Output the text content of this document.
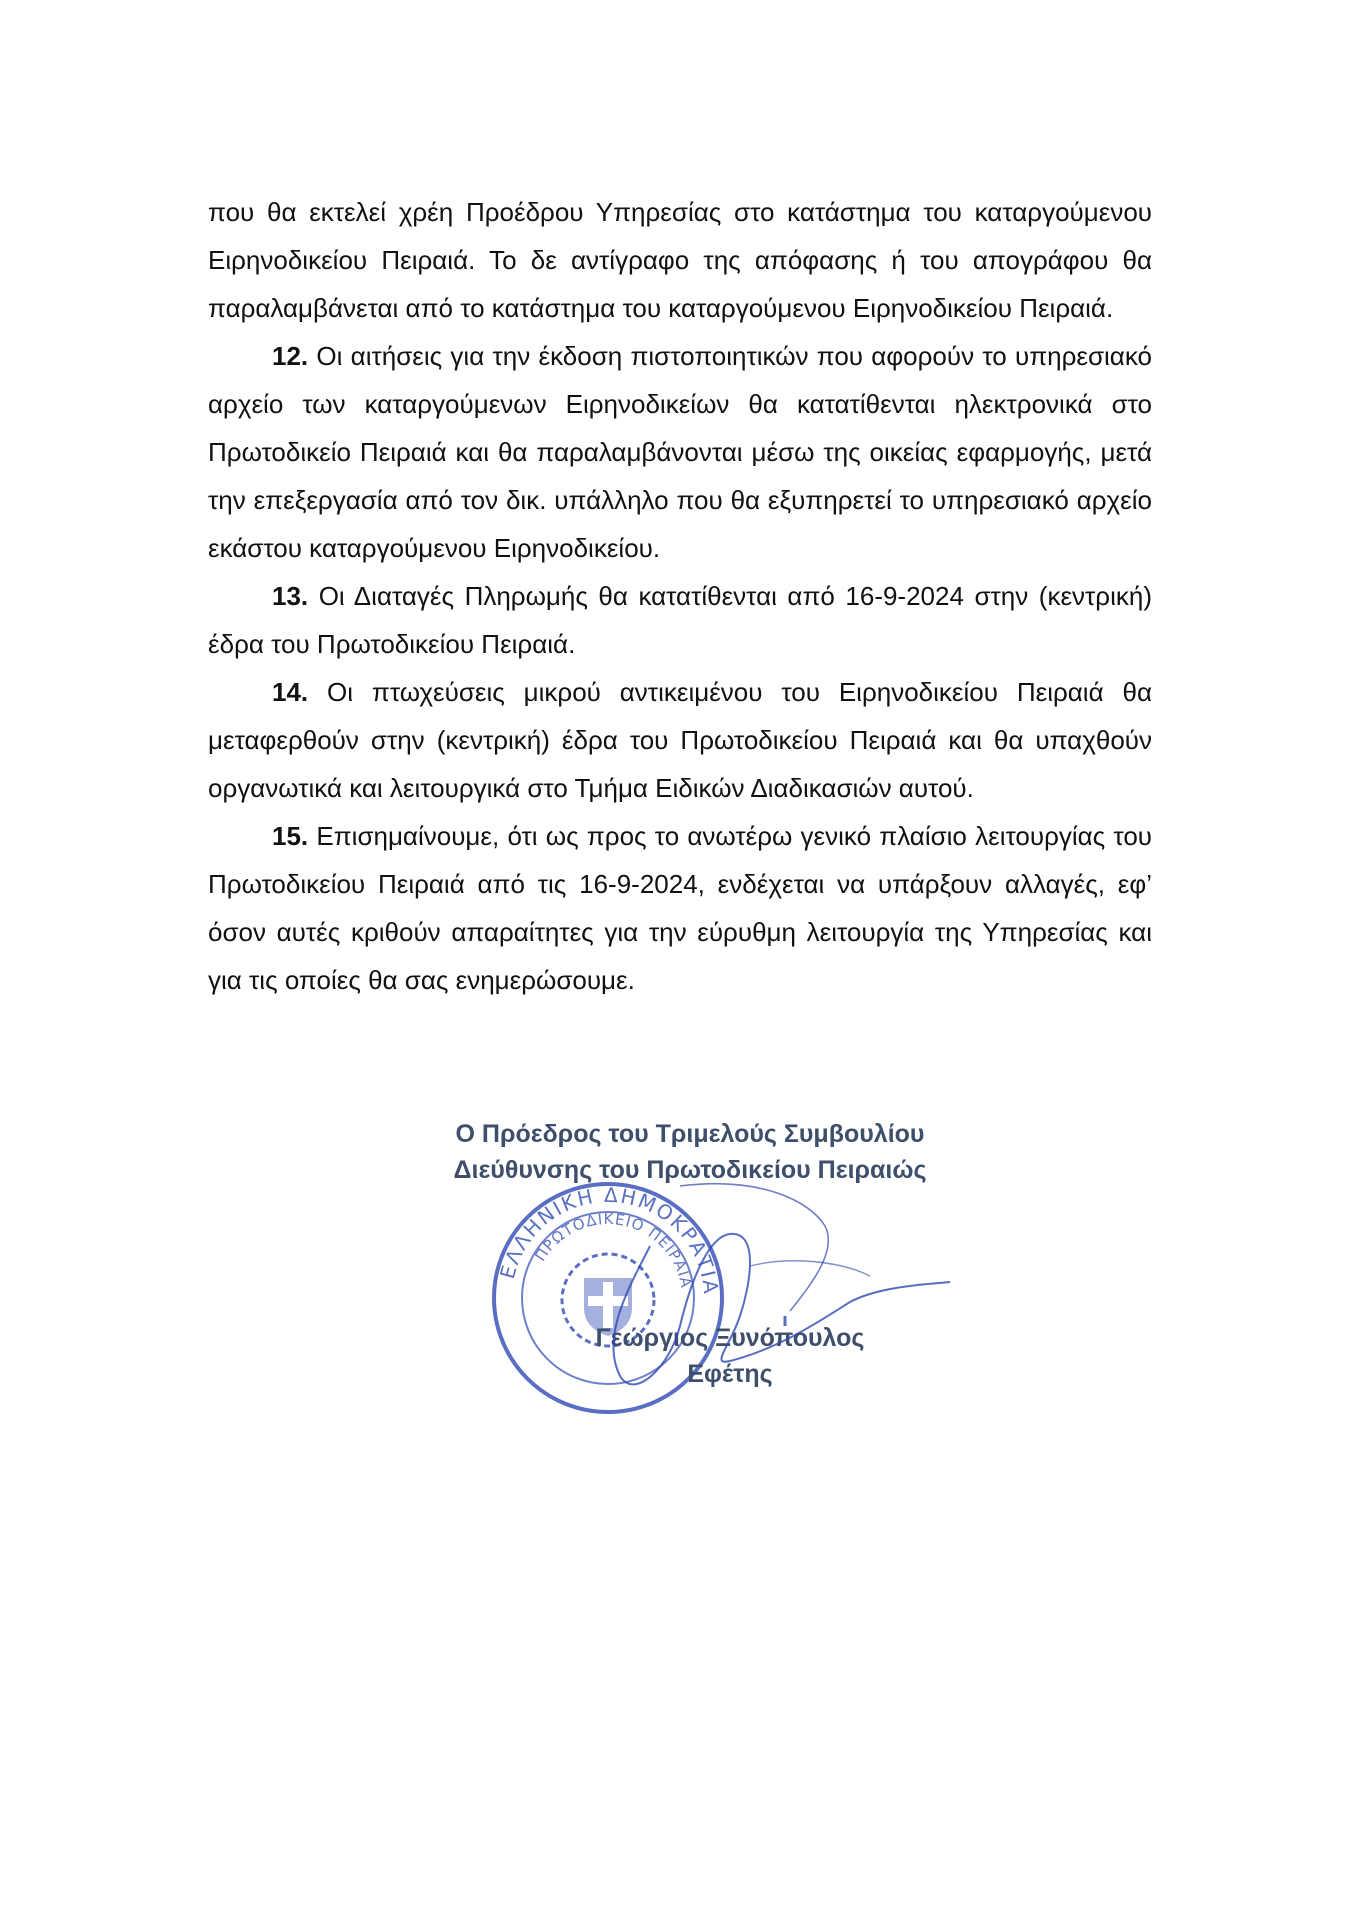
που θα εκτελεί χρέη Προέδρου Υπηρεσίας στο κατάστημα του καταργούμενου Ειρηνοδικείου Πειραιά. Το δε αντίγραφο της απόφασης ή του απογράφου θα παραλαμβάνεται από το κατάστημα του καταργούμενου Ειρηνοδικείου Πειραιά.

12. Οι αιτήσεις για την έκδοση πιστοποιητικών που αφορούν το υπηρεσιακό αρχείο των καταργούμενων Ειρηνοδικείων θα κατατίθενται ηλεκτρονικά στο Πρωτοδικείο Πειραιά και θα παραλαμβάνονται μέσω της οικείας εφαρμογής, μετά την επεξεργασία από τον δικ. υπάλληλο που θα εξυπηρετεί το υπηρεσιακό αρχείο εκάστου καταργούμενου Ειρηνοδικείου.

13. Οι Διαταγές Πληρωμής θα κατατίθενται από 16-9-2024 στην (κεντρική) έδρα του Πρωτοδικείου Πειραιά.

14. Οι πτωχεύσεις μικρού αντικειμένου του Ειρηνοδικείου Πειραιά θα μεταφερθούν στην (κεντρική) έδρα του Πρωτοδικείου Πειραιά και θα υπαχθούν οργανωτικά και λειτουργικά στο Τμήμα Ειδικών Διαδικασιών αυτού.

15. Επισημαίνουμε, ότι ως προς το ανωτέρω γενικό πλαίσιο λειτουργίας του Πρωτοδικείου Πειραιά από τις 16-9-2024, ενδέχεται να υπάρξουν αλλαγές, εφ’ όσον αυτές κριθούν απαραίτητες για την εύρυθμη λειτουργία της Υπηρεσίας και για τις οποίες θα σας ενημερώσουμε.

ΕΛΛΗΝΙΚΗ ΔΗΜΟΚΡΑΤΙΑ
ΠΡΩΤΟΔΙΚΕΙΟ ΠΕΙΡΑΙΑ
Ο Πρόεδρος του Τριμελούς Συμβουλίου
Διεύθυνσης του Πρωτοδικείου Πειραιώς
Γεώργιος Ξυνόπουλος
Εφέτης
